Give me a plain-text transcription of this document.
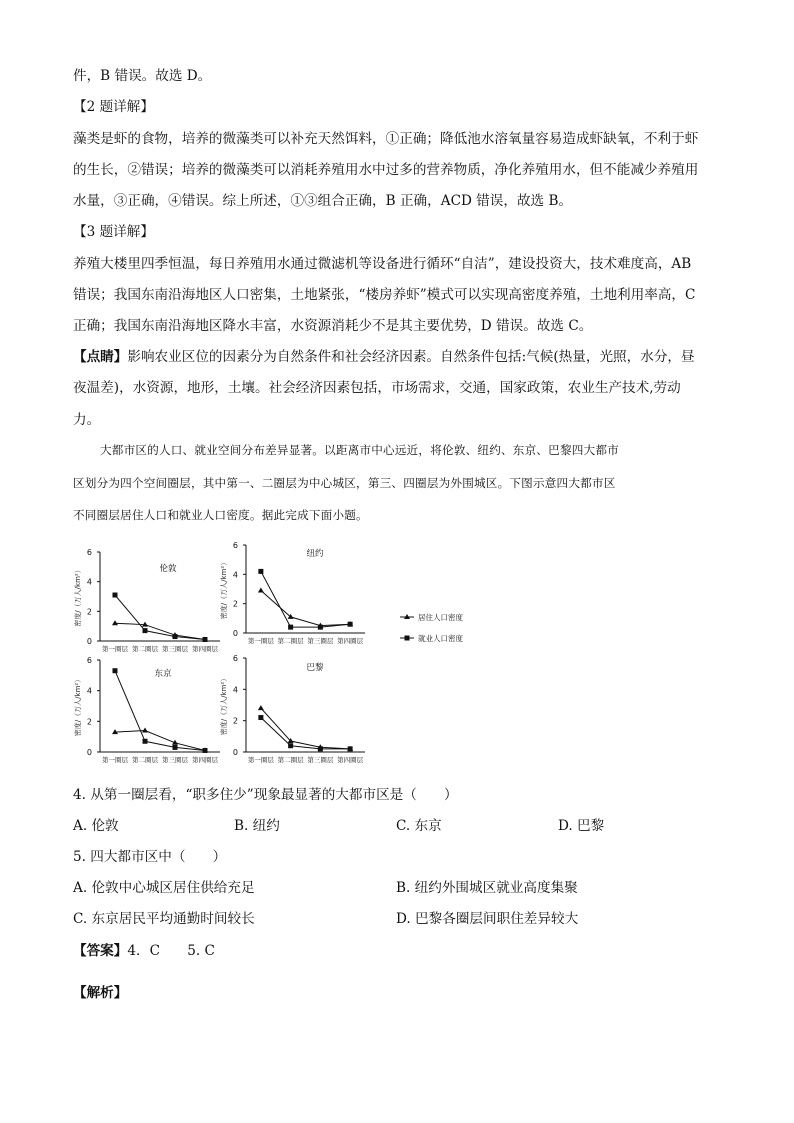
件，B 错误。故选 D。
【2 题详解】
藻类是虾的食物，培养的微藻类可以补充天然饵料，①正确；降低池水溶氧量容易造成虾缺氧，不利于虾
的生长，②错误；培养的微藻类可以消耗养殖用水中过多的营养物质，净化养殖用水，但不能减少养殖用
水量，③正确，④错误。综上所述，①③组合正确，B 正确，ACD 错误，故选 B。
【3 题详解】
养殖大楼里四季恒温，每日养殖用水通过微滤机等设备进行循环“自洁”，建设投资大，技术难度高，AB
错误；我国东南沿海地区人口密集，土地紧张，“楼房养虾”模式可以实现高密度养殖，土地利用率高，C
正确；我国东南沿海地区降水丰富，水资源消耗少不是其主要优势，D 错误。故选 C。
【点睛】影响农业区位的因素分为自然条件和社会经济因素。自然条件包括:气候(热量，光照，水分，昼
夜温差)，水资源，地形，土壤。社会经济因素包括，市场需求，交通，国家政策，农业生产技术,劳动
力。
大都市区的人口、就业空间分布差异显著。以距离市中心远近，将伦敦、纽约、东京、巴黎四大都市
区划分为四个空间圈层，其中第一、二圈层为中心城区，第三、四圈层为外围城区。下图示意四大都市区
不同圈层居住人口和就业人口密度。据此完成下面小题。
0
2
4
6
密度/（万人/km²）
第一圈层 第二圈层 第三圈层 第四圈层
伦敦
0
2
4
6
密度/（万人/km²）
第一圈层 第二圈层 第三圈层 第四圈层
纽约
0
2
4
6
密度/（万人/km²）
第一圈层 第二圈层 第三圈层 第四圈层
东京
0
2
4
6
密度/（万人/km²）
第一圈层 第二圈层 第三圈层 第四圈层
巴黎
居住人口密度
就业人口密度
4. 从第一圈层看，“职多住少”现象最显著的大都市区是（　　）
A. 伦敦	B. 纽约	C. 东京	D. 巴黎
5. 四大都市区中（　　）
A. 伦敦中心城区居住供给充足	B. 纽约外围城区就业高度集聚
C. 东京居民平均通勤时间较长	D. 巴黎各圈层间职住差异较大
【答案】4．C　　5. C
【解析】
